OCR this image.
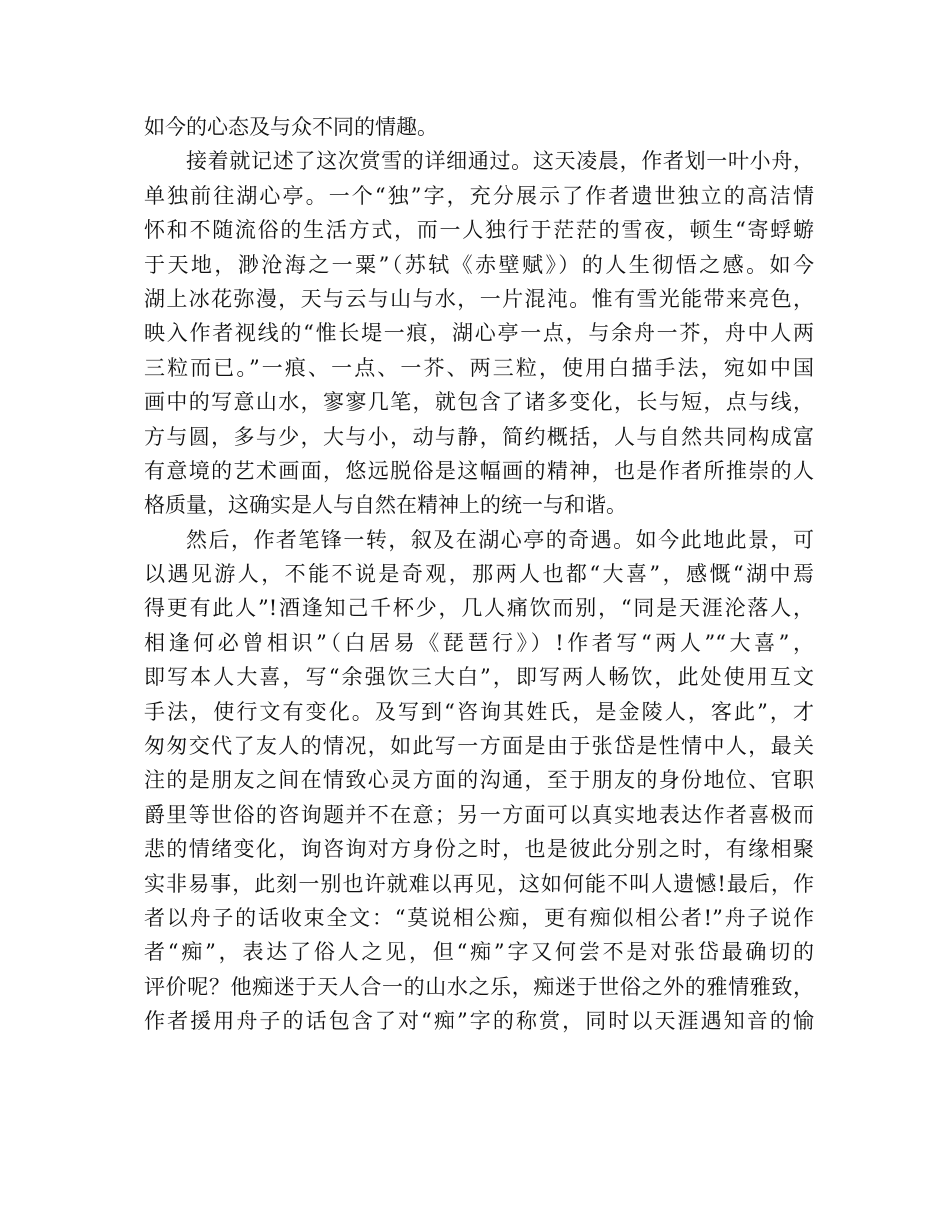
如今的心态及与众不同的情趣。
接着就记述了这次赏雪的详细通过。这天凌晨，作者划一叶小舟，
单独前往湖心亭。一个“独”字，充分展示了作者遗世独立的高洁情
怀和不随流俗的生活方式，而一人独行于茫茫的雪夜，顿生“寄蜉蝣
于天地，渺沧海之一粟”（苏轼《赤壁赋》）的人生彻悟之感。如今
湖上冰花弥漫，天与云与山与水，一片混沌。惟有雪光能带来亮色，
映入作者视线的“惟长堤一痕，湖心亭一点，与余舟一芥，舟中人两
三粒而已。”一痕、一点、一芥、两三粒，使用白描手法，宛如中国
画中的写意山水，寥寥几笔，就包含了诸多变化，长与短，点与线，
方与圆，多与少，大与小，动与静，简约概括，人与自然共同构成富
有意境的艺术画面，悠远脱俗是这幅画的精神，也是作者所推崇的人
格质量，这确实是人与自然在精神上的统一与和谐。
然后，作者笔锋一转，叙及在湖心亭的奇遇。如今此地此景，可
以遇见游人，不能不说是奇观，那两人也都“大喜”，感慨“湖中焉
得更有此人”!酒逢知己千杯少，几人痛饮而别，“同是天涯沦落人，
相逢何必曾相识”（白居易《琵琶行》）!作者写“两人”“大喜”，
即写本人大喜，写“余强饮三大白”，即写两人畅饮，此处使用互文
手法，使行文有变化。及写到“咨询其姓氏，是金陵人，客此”，才
匆匆交代了友人的情况，如此写一方面是由于张岱是性情中人，最关
注的是朋友之间在情致心灵方面的沟通，至于朋友的身份地位、官职
爵里等世俗的咨询题并不在意；另一方面可以真实地表达作者喜极而
悲的情绪变化，询咨询对方身份之时，也是彼此分别之时，有缘相聚
实非易事，此刻一别也许就难以再见，这如何能不叫人遗憾!最后，作
者以舟子的话收束全文：“莫说相公痴，更有痴似相公者!”舟子说作
者“痴”，表达了俗人之见，但“痴”字又何尝不是对张岱最确切的
评价呢？他痴迷于天人合一的山水之乐，痴迷于世俗之外的雅情雅致，
作者援用舟子的话包含了对“痴”字的称赏，同时以天涯遇知音的愉
